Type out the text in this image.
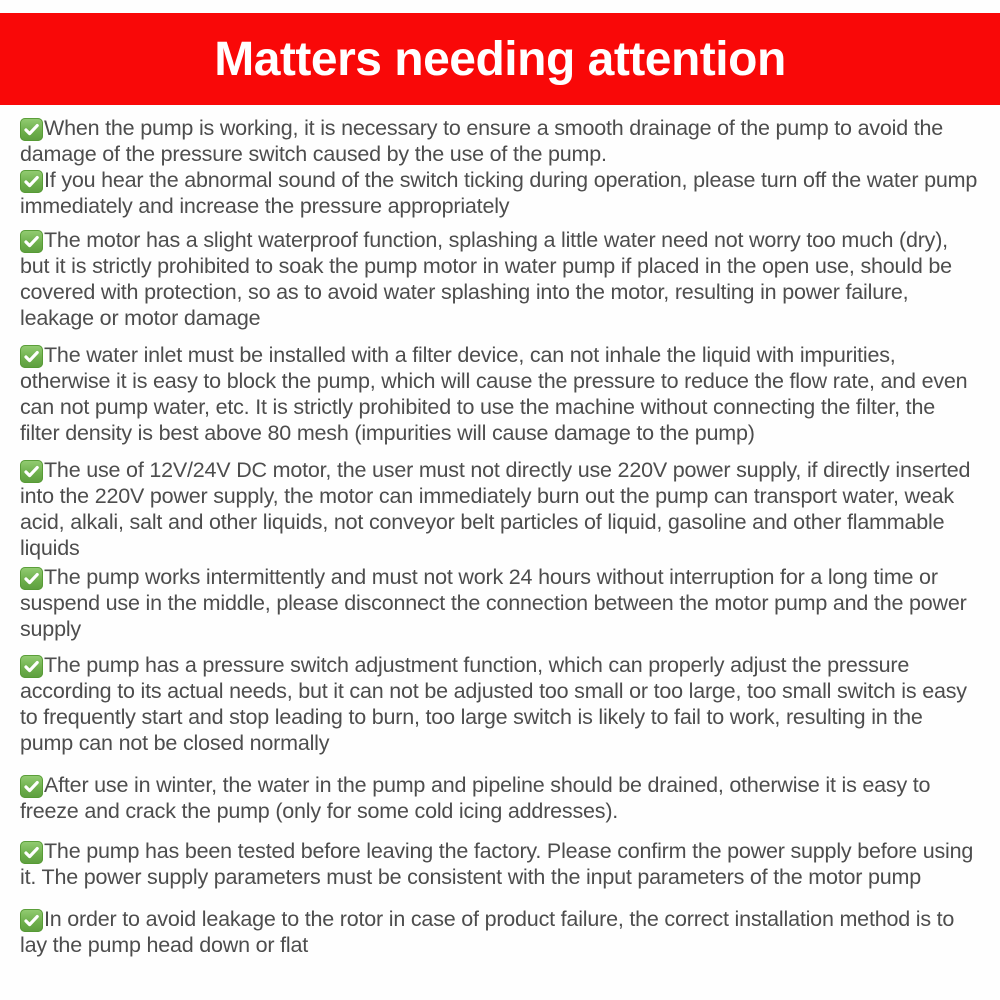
Matters needing attention

When the pump is working, it is necessary to ensure a smooth drainage of the pump to avoid the damage of the pressure switch caused by the use of the pump.

If you hear the abnormal sound of the switch ticking during operation, please turn off the water pump immediately and increase the pressure appropriately

The motor has a slight waterproof function, splashing a little water need not worry too much (dry), but it is strictly prohibited to soak the pump motor in water pump if placed in the open use, should be covered with protection, so as to avoid water splashing into the motor, resulting in power failure, leakage or motor damage

The water inlet must be installed with a filter device, can not inhale the liquid with impurities, otherwise it is easy to block the pump, which will cause the pressure to reduce the flow rate, and even can not pump water, etc. It is strictly prohibited to use the machine without connecting the filter, the filter density is best above 80 mesh (impurities will cause damage to the pump)

The use of 12V/24V DC motor, the user must not directly use 220V power supply, if directly inserted into the 220V power supply, the motor can immediately burn out the pump can transport water, weak acid, alkali, salt and other liquids, not conveyor belt particles of liquid, gasoline and other flammable liquids

The pump works intermittently and must not work 24 hours without interruption for a long time or suspend use in the middle, please disconnect the connection between the motor pump and the power supply

The pump has a pressure switch adjustment function, which can properly adjust the pressure according to its actual needs, but it can not be adjusted too small or too large, too small switch is easy to frequently start and stop leading to burn, too large switch is likely to fail to work, resulting in the pump can not be closed normally

After use in winter, the water in the pump and pipeline should be drained, otherwise it is easy to freeze and crack the pump (only for some cold icing addresses).

The pump has been tested before leaving the factory. Please confirm the power supply before using it. The power supply parameters must be consistent with the input parameters of the motor pump

In order to avoid leakage to the rotor in case of product failure, the correct installation method is to lay the pump head down or flat
